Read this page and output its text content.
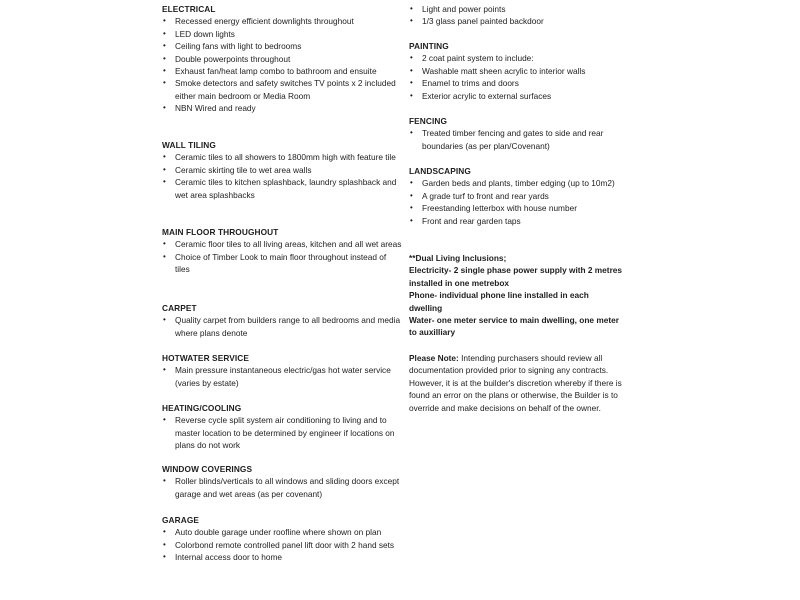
ELECTRICAL

• Recessed energy efficient downlights throughout
• LED down lights
• Ceiling fans with light to bedrooms
• Double powerpoints throughout
• Exhaust fan/heat lamp combo to bathroom and ensuite
• Smoke detectors and safety switches TV points x 2 included either main bedroom or Media Room
• NBN Wired and ready

WALL TILING

• Ceramic tiles to all showers to 1800mm high with feature tile
• Ceramic skirting tile to wet area walls
• Ceramic tiles to kitchen splashback, laundry splashback and wet area splashbacks

MAIN FLOOR THROUGHOUT

• Ceramic floor tiles to all living areas, kitchen and all wet areas
• Choice of Timber Look to main floor throughout instead of tiles

CARPET

• Quality carpet from builders range to all bedrooms and media where plans denote

HOTWATER SERVICE

• Main pressure instantaneous electric/gas hot water service (varies by estate)

HEATING/COOLING

• Reverse cycle split system air conditioning to living and to master location to be determined by engineer if locations on plans do not work

WINDOW COVERINGS

• Roller blinds/verticals to all windows and sliding doors except garage and wet areas (as per covenant)

GARAGE

• Auto double garage under roofline where shown on plan
• Colorbond remote controlled panel lift door with 2 hand sets
• Internal access door to home
• Light and power points
• 1/3 glass panel painted backdoor

PAINTING

• 2 coat paint system to include:
• Washable matt sheen acrylic to interior walls
• Enamel to trims and doors
• Exterior acrylic to external surfaces

FENCING

• Treated timber fencing and gates to side and rear boundaries (as per plan/Covenant)

LANDSCAPING

• Garden beds and plants, timber edging (up to 10m2)
• A grade turf to front and rear yards
• Freestanding letterbox with house number
• Front and rear garden taps

**Dual Living Inclusions;

Electricity- 2 single phase power supply with 2 metres installed in one metrebox
Phone- individual phone line installed in each dwelling
Water- one meter service to main dwelling, one meter to auxilliary

Please Note: Intending purchasers should review all documentation provided prior to signing any contracts. However, it is at the builder's discretion whereby if there is found an error on the plans or otherwise, the Builder is to override and make decisions on behalf of the owner.
